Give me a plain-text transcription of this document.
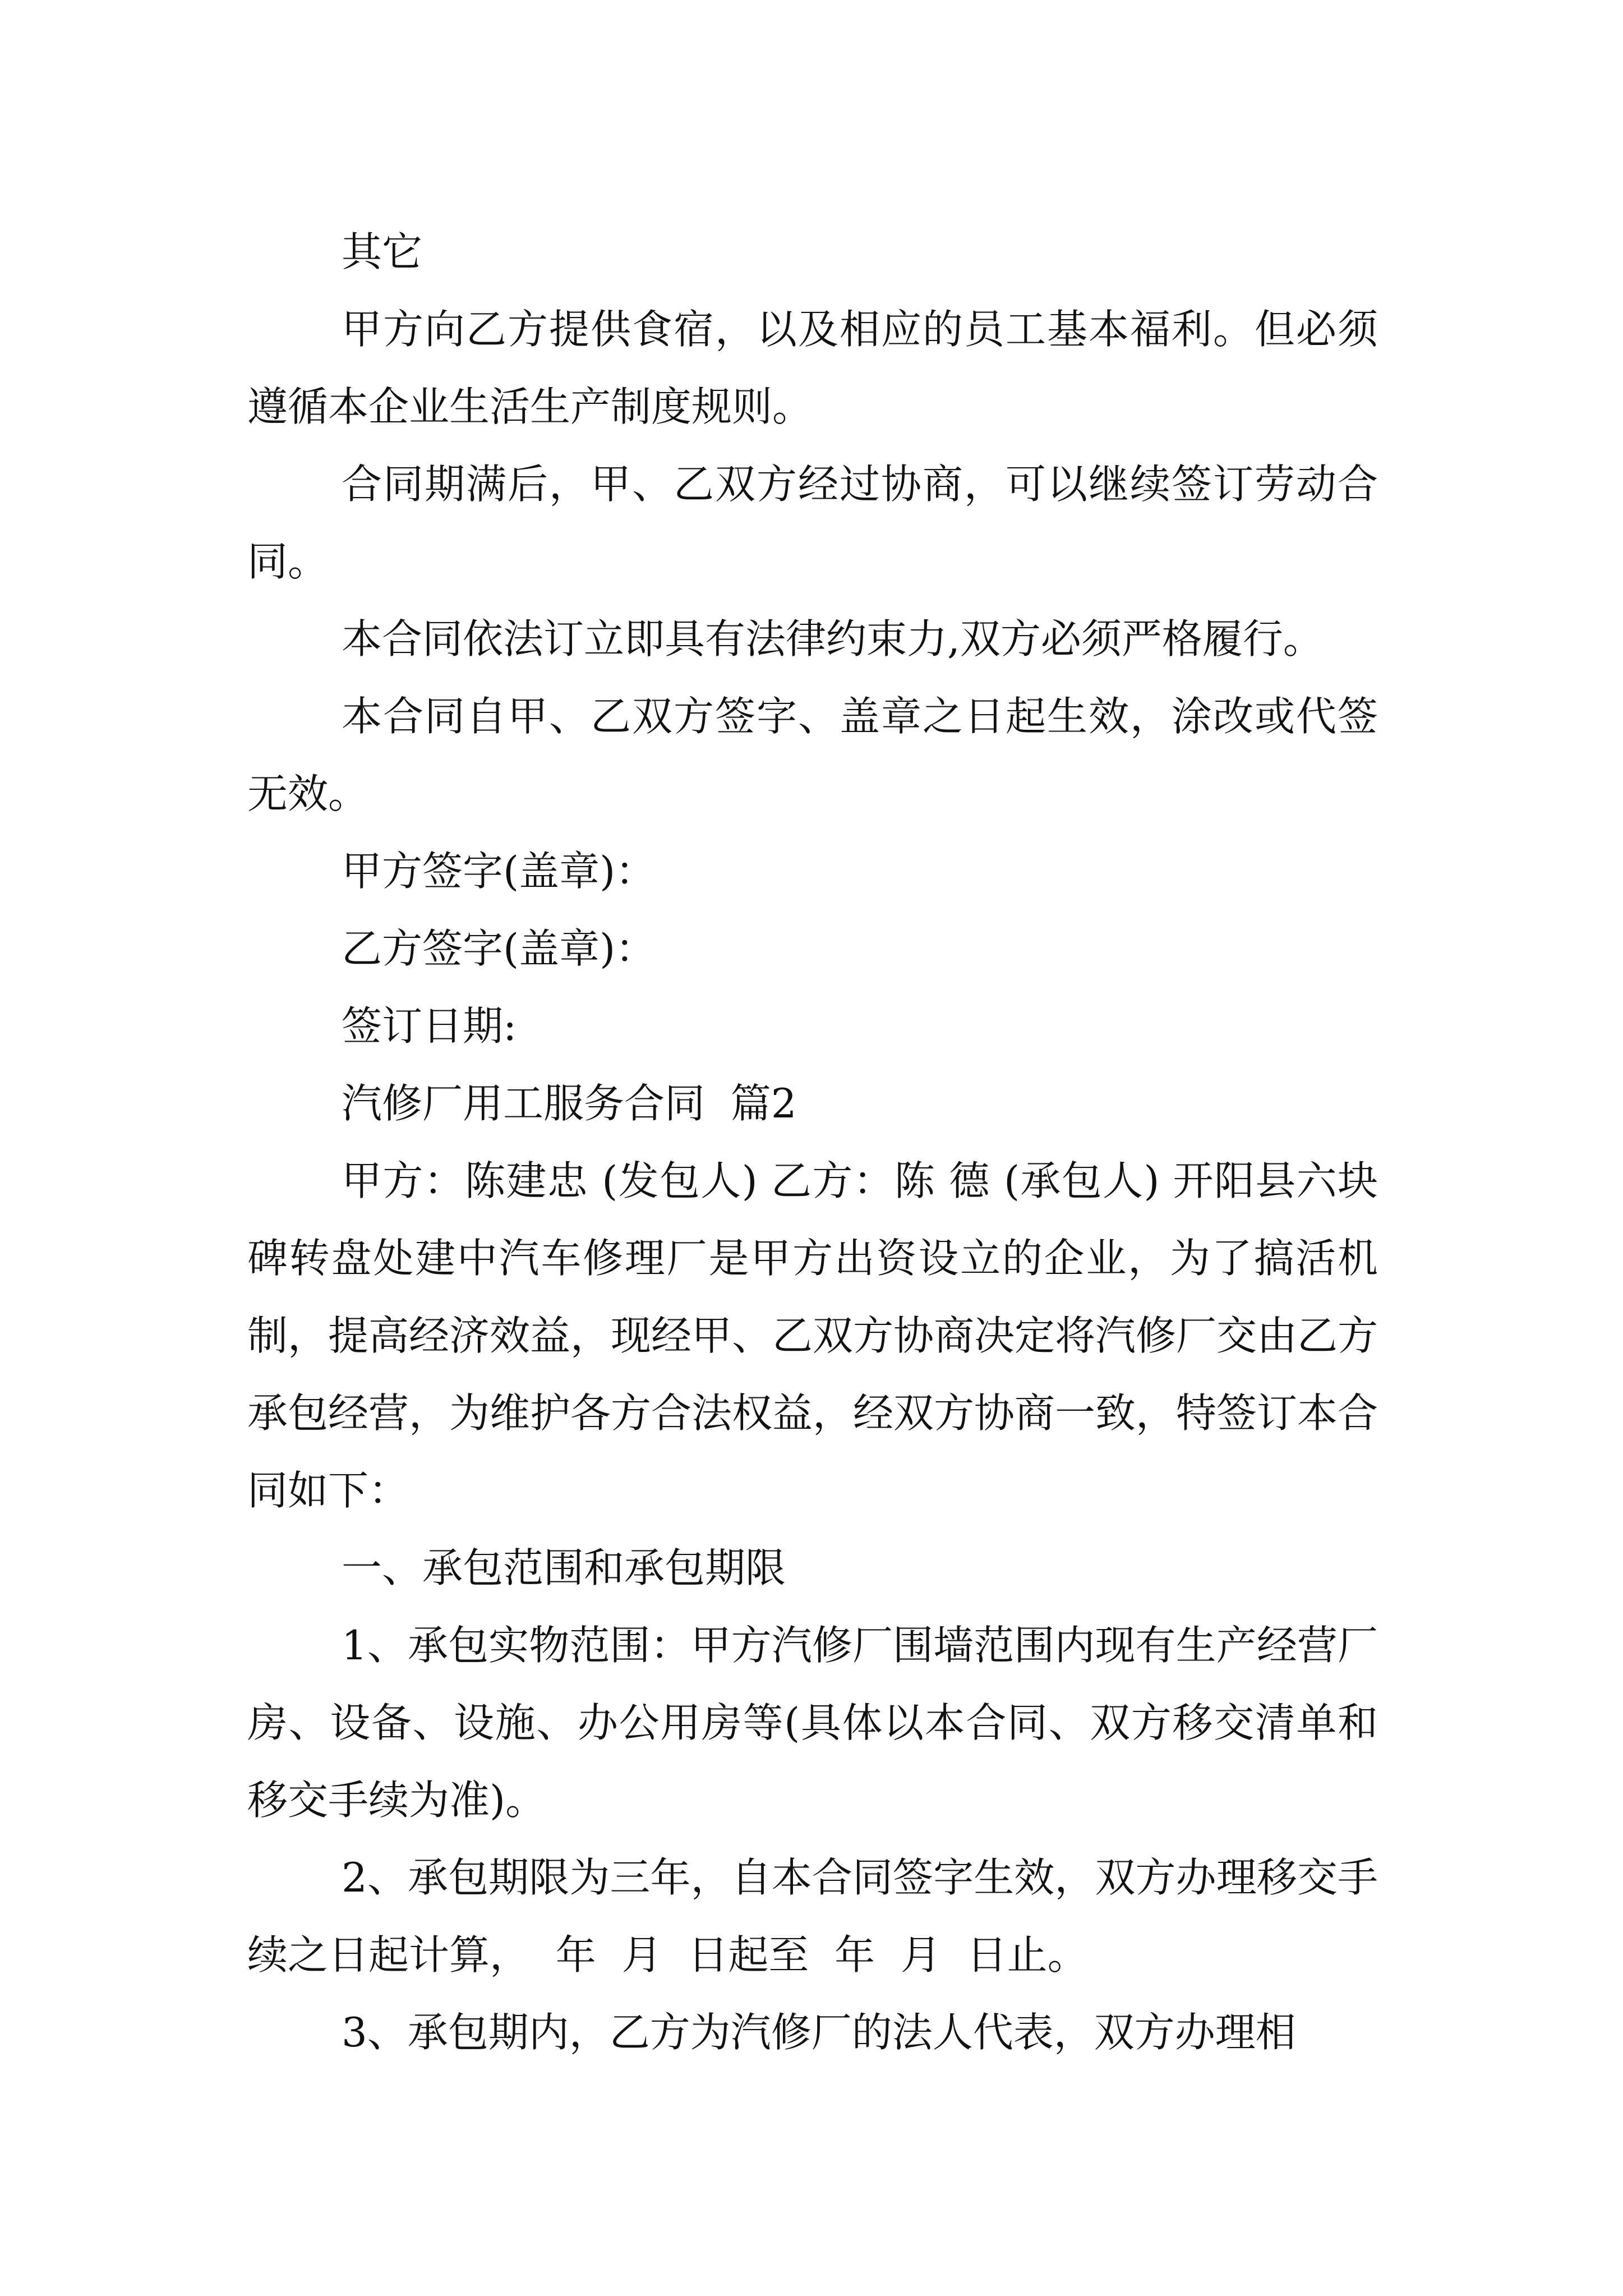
其它

甲方向乙方提供食宿，以及相应的员工基本福利。但必须遵循本企业生活生产制度规则。

合同期满后，甲、乙双方经过协商，可以继续签订劳动合同。

本合同依法订立即具有法律约束力,双方必须严格履行。

本合同自甲、乙双方签字、盖章之日起生效，涂改或代签无效。

甲方签字(盖章)：

乙方签字(盖章)：

签订日期:

汽修厂用工服务合同  篇2

甲方：陈建忠 (发包人) 乙方：陈 德 (承包人) 开阳县六块碑转盘处建中汽车修理厂是甲方出资设立的企业，为了搞活机制，提高经济效益，现经甲、乙双方协商决定将汽修厂交由乙方承包经营，为维护各方合法权益，经双方协商一致，特签订本合同如下：

一、承包范围和承包期限

1、承包实物范围：甲方汽修厂围墙范围内现有生产经营厂房、设备、设施、办公用房等(具体以本合同、双方移交清单和移交手续为准)。

2、承包期限为三年，自本合同签字生效，双方办理移交手续之日起计算，  年  月  日起至  年  月  日止。

3、承包期内，乙方为汽修厂的法人代表，双方办理相
